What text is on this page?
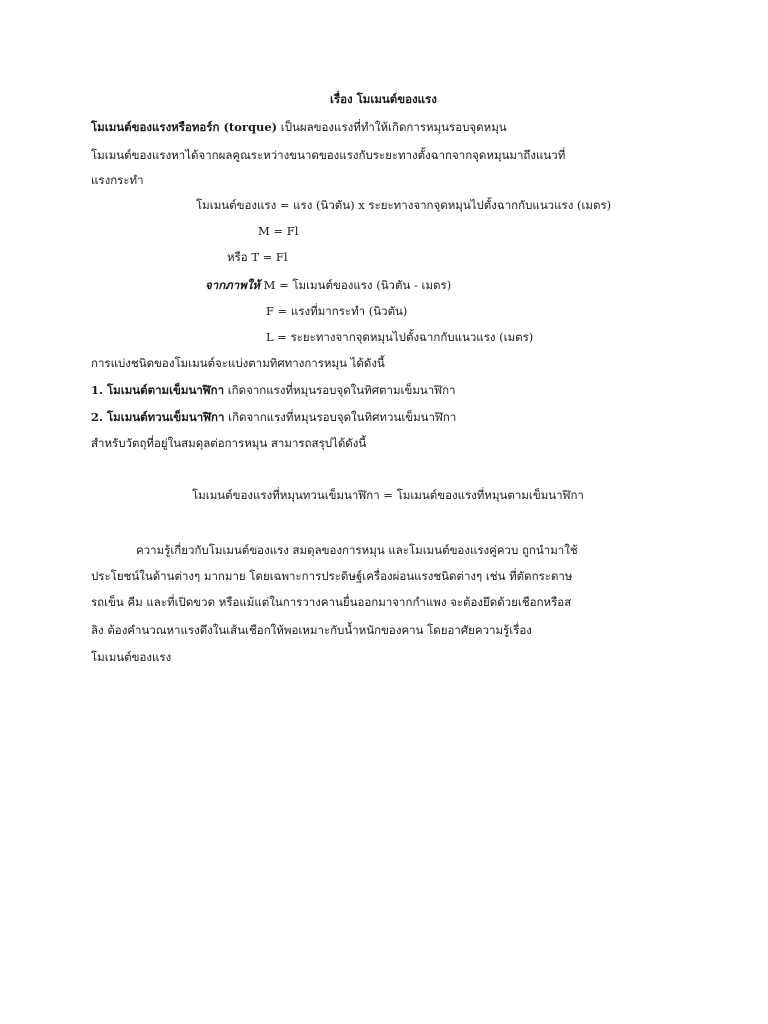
เรื่อง โมเมนต์ของแรง
โมเมนต์ของแรงหรือทอร์ก (torque) เป็นผลของแรงที่ทำให้เกิดการหมุนรอบจุดหมุน
โมเมนต์ของแรงหาได้จากผลคูณระหว่างขนาดของแรงกับระยะทางตั้งฉากจากจุดหมุนมาถึงแนวที่
แรงกระทำ
โมเมนต์ของแรง = แรง (นิวตัน) x ระยะทางจากจุดหมุนไปตั้งฉากกับแนวแรง (เมตร)
M = Fl
หรือ T = Fl
จากภาพให้ M = โมเมนต์ของแรง (นิวตัน - เมตร)
F = แรงที่มากระทำ (นิวตัน)
L = ระยะทางจากจุดหมุนไปตั้งฉากกับแนวแรง (เมตร)
การแบ่งชนิดของโมเมนต์จะแบ่งตามทิศทางการหมุน ได้ดังนี้
1. โมเมนต์ตามเข็มนาฬิกา เกิดจากแรงที่หมุนรอบจุดในทิศตามเข็มนาฬิกา
2. โมเมนต์ทวนเข็มนาฬิกา เกิดจากแรงที่หมุนรอบจุดในทิศทวนเข็มนาฬิกา
สำหรับวัตถุที่อยู่ในสมดุลต่อการหมุน สามารถสรุปได้ดังนี้
โมเมนต์ของแรงที่หมุนทวนเข็มนาฬิกา = โมเมนต์ของแรงที่หมุนตามเข็มนาฬิกา
ความรู้เกี่ยวกับโมเมนต์ของแรง สมดุลของการหมุน และโมเมนต์ของแรงคู่ควบ ถูกนำมาใช้
ประโยชน์ในด้านต่างๆ มากมาย โดยเฉพาะการประดิษฐ์เครื่องผ่อนแรงชนิดต่างๆ เช่น ที่ตัดกระดาษ
รถเข็น คีม และที่เปิดขวด หรือแม้แต่ในการวางคานยื่นออกมาจากกำแพง จะต้องยึดด้วยเชือกหรือส
ลิง ต้องคำนวณหาแรงดึงในเส้นเชือกให้พอเหมาะกับน้ำหนักของคาน โดยอาศัยความรู้เรื่อง
โมเมนต์ของแรง
